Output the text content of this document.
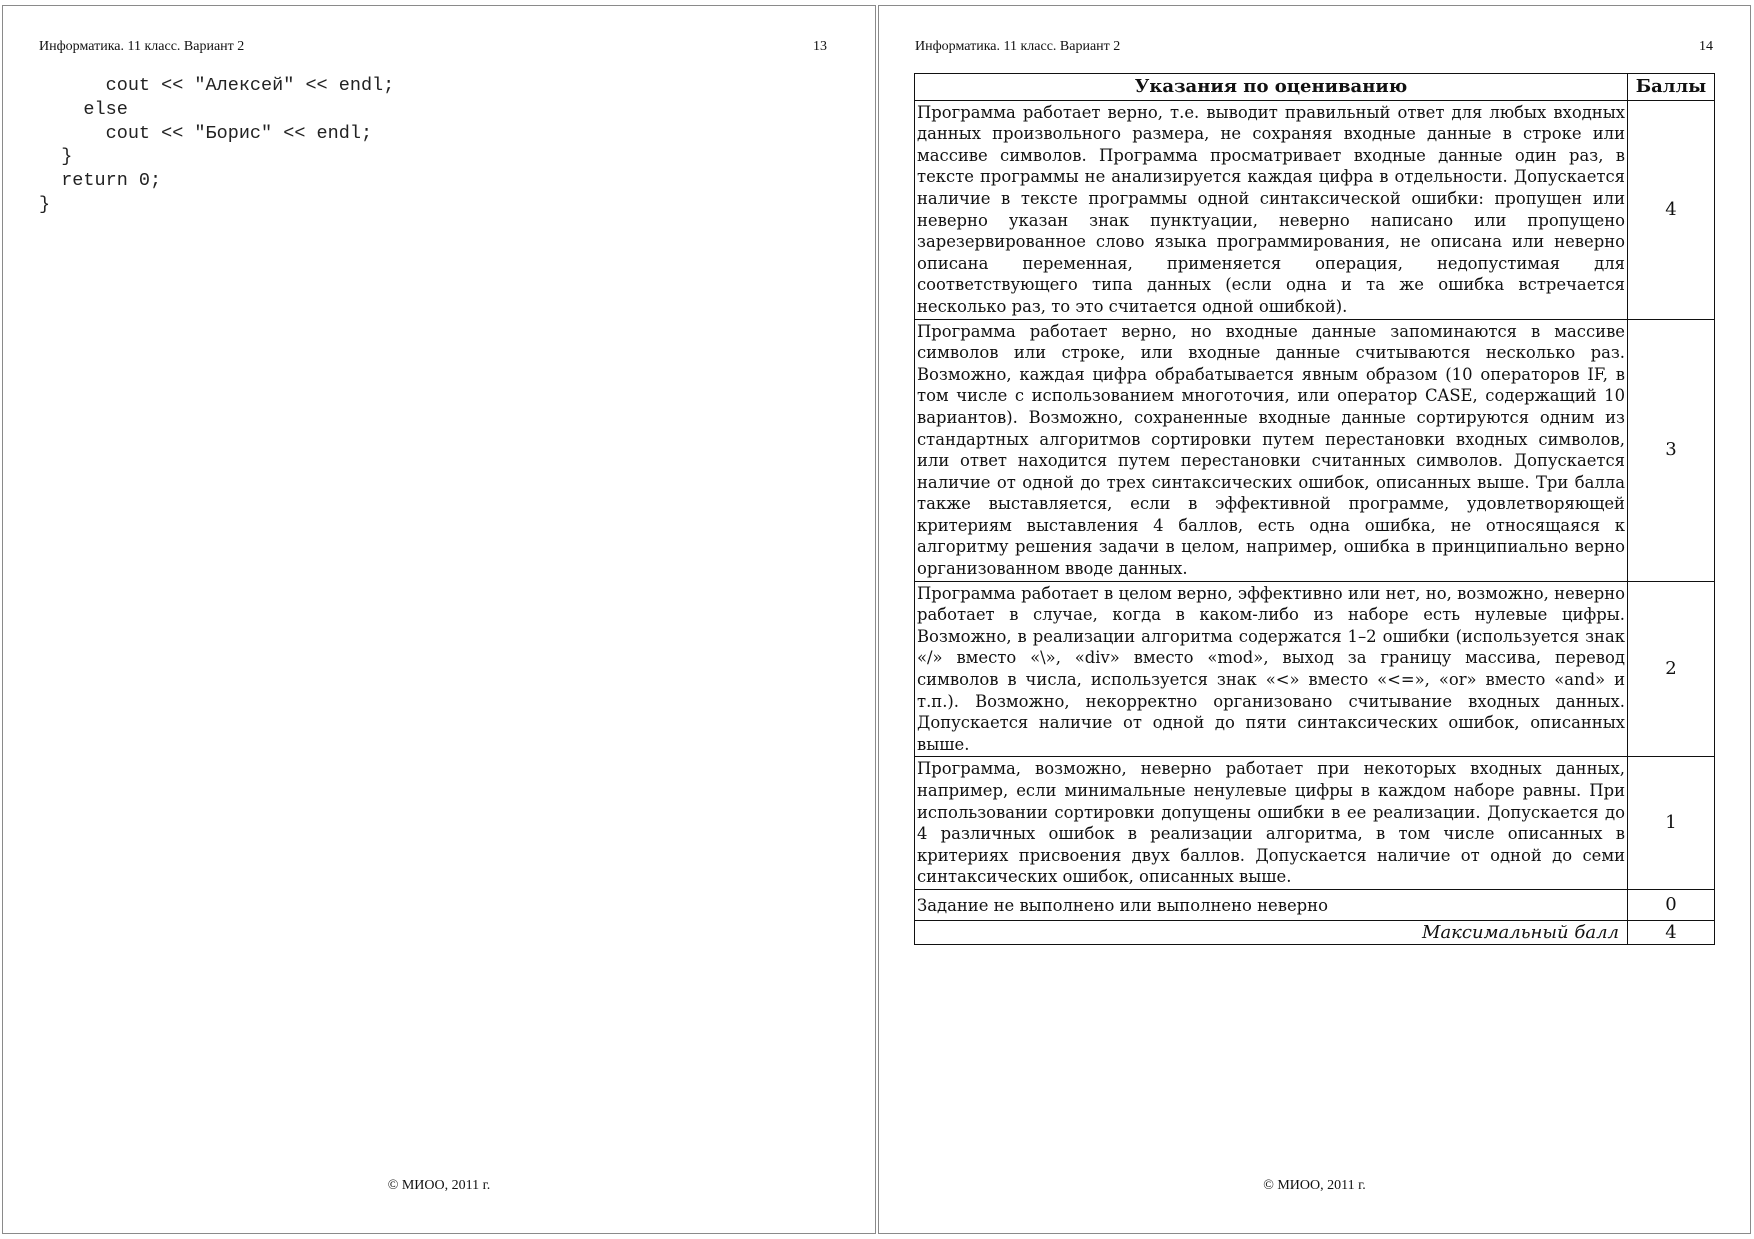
Информатика. 11 класс. Вариант 2	13
cout << "Алексей" << endl;
else
cout << "Борис" << endl;
}
return 0;
}
© МИОО, 2011 г.
Информатика. 11 класс. Вариант 2	14
Указания по оцениванию	Баллы
Программа работает верно, т.е. выводит правильный ответ для любых входных данных произвольного размера, не сохраняя входные данные в строке или массиве символов. Программа просматривает входные данные один раз, в тексте программы не анализируется каждая цифра в отдельности. Допускается наличие в тексте программы одной синтаксической ошибки: пропущен или неверно указан знак пунктуации, неверно написано или пропущено зарезервированное слово языка программирования, не описана или неверно описана переменная, применяется операция, недопустимая для соответствующего типа данных (если одна и та же ошибка встречается несколько раз, то это считается одной ошибкой).	4
Программа работает верно, но входные данные запоминаются в массиве символов или строке, или входные данные считываются несколько раз. Возможно, каждая цифра обрабатывается явным образом (10 операторов IF, в том числе с использованием многоточия, или оператор CASE, содержащий 10 вариантов). Возможно, сохраненные входные данные сортируются одним из стандартных алгоритмов сортировки путем перестановки входных символов, или ответ находится путем перестановки считанных символов. Допускается наличие от одной до трех синтаксических ошибок, описанных выше. Три балла также выставляется, если в эффективной программе, удовлетворяющей критериям выставления 4 баллов, есть одна ошибка, не относящаяся к алгоритму решения задачи в целом, например, ошибка в принципиально верно организованном вводе данных.	3
Программа работает в целом верно, эффективно или нет, но, возможно, неверно работает в случае, когда в каком-либо из наборе есть нулевые цифры. Возможно, в реализации алгоритма содержатся 1–2 ошибки (используется знак «/» вместо «\», «div» вместо «mod», выход за границу массива, перевод символов в числа, используется знак «<» вместо «<=», «or» вместо «and» и т.п.). Возможно, некорректно организовано считывание входных данных. Допускается наличие от одной до пяти синтаксических ошибок, описанных выше.	2
Программа, возможно, неверно работает при некоторых входных данных, например, если минимальные ненулевые цифры в каждом наборе равны. При использовании сортировки допущены ошибки в ее реализации. Допускается до 4 различных ошибок в реализации алгоритма, в том числе описанных в критериях присвоения двух баллов. Допускается наличие от одной до семи синтаксических ошибок, описанных выше.	1
Задание не выполнено или выполнено неверно	0
Максимальный балл	4
© МИОО, 2011 г.
